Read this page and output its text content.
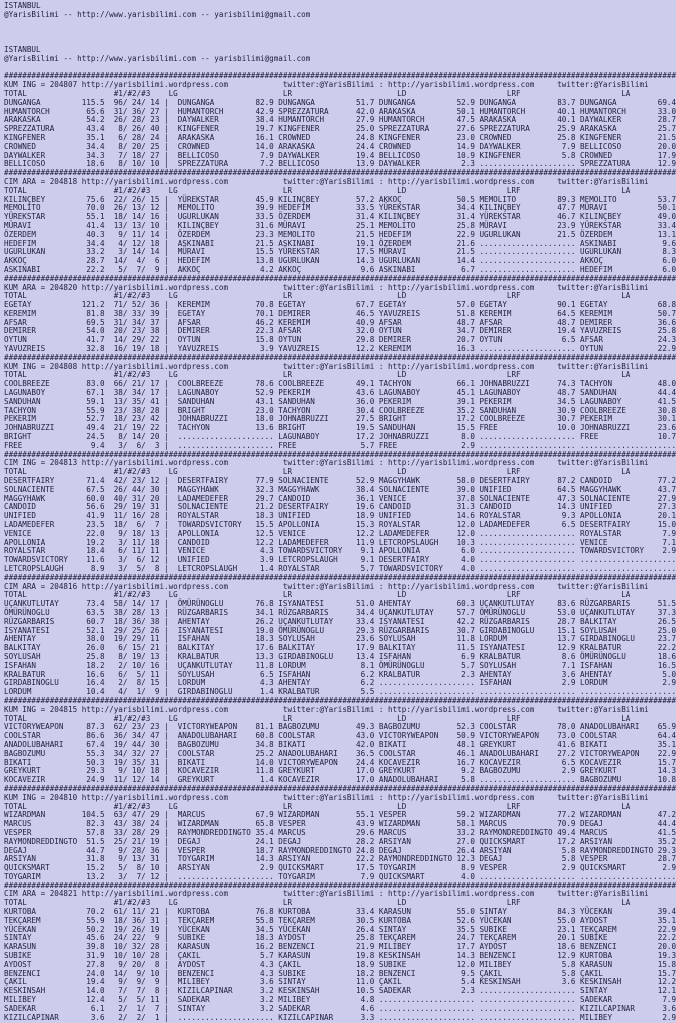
ISTANBUL
@YarisBilimi -- http://www.yarisbilimi.com -- yarisbilimi@gmail.com

ISTANBUL
@YarisBilimi -- http://www.yarisbilimi.com -- yarisbilimi@gmail.com

###################################################################################################################################################
KUM ING = 204807 http://yarisbilimi.wordpress.com            twitter:@YarisBilimi : http://yarisbilimi.wordpress.com     twitter:@YarisBilimi
TOTAL                   #1/#2/#3    LG                       LR                       LD                      LRF                      LA
DUNGANGA         115.5  96/ 24/ 14 |  DUNGANGA         82.9 DUNGANGA         51.7 DUNGANGA         52.9 DUNGANGA         83.7 DUNGANGA         69.4
HUMANTORCH        65.6  31/ 36/ 27 |  HUMANTORCH       42.9 SPREZZATURA      42.0 ARAKASKA         50.1 HUMANTORCH       40.1 HUMANTORCH       33.0
ARAKASKA          54.2  26/ 28/ 23 |  DAYWALKER        38.4 HUMANTORCH       27.9 HUMANTORCH       47.5 ARAKASKA         40.1 DAYWALKER        28.7
SPREZZATURA       43.4   8/ 26/ 40 |  KINGFENER        19.7 KINGFENER        25.0 SPREZZATURA      27.6 SPREZZATURA      25.9 ARAKASKA         25.7
KINGFENER         35.1   6/ 28/ 24 |  ARAKASKA         16.1 CROWNED          24.8 KINGFENER        23.0 CROWNED          25.8 KINGFENER        21.5
CROWNED           34.4   8/ 20/ 25 |  CROWNED          14.0 ARAKASKA         24.4 CROWNED          14.9 DAYWALKER         7.9 BELLICOSO        20.0
DAYWALKER         34.3   7/ 18/ 27 |  BELLICOSO         7.9 DAYWALKER        19.4 BELLICOSO        10.9 KINGFENER         5.8 CROWNED          17.9
BELLICOSO         18.6   8/ 10/ 10 |  SPREZZATURA       7.2 BELLICOSO        13.9 DAYWALKER         2.3 ..................... SPREZZATURA      12.9
###################################################################################################################################################
CIM ARA = 204818 http://yarisbilimi.wordpress.com            twitter:@YarisBilimi : http://yarisbilimi.wordpress.com     twitter:@YarisBilimi
TOTAL                   #1/#2/#3    LG                       LR                       LD                      LRF                      LA
KILINÇBEY         75.6  22/ 26/ 15 |  YÜREKSTAR        45.9 KILINÇBEY        57.2 AKKOÇ            50.5 MEMOLITO         89.3 MEMOLITO         53.7
MEMOLITO          70.0  26/ 13/ 12 |  MEMOLITO         39.9 HEDEFIM          33.5 YÜREKSTAR        34.4 KILINÇBEY        47.7 MÜRAVI           50.1
YÜREKSTAR         55.1  18/ 14/ 16 |  UGURLUKAN        33.5 ÖZERDEM          31.4 KILINÇBEY        31.4 YÜREKSTAR        46.7 KILINÇBEY        49.0
MÜRAVI            41.4  13/ 13/ 10 |  KILINÇBEY        31.6 MÜRAVI           25.1 MEMOLITO         25.8 MÜRAVI           23.9 YÜREKSTAR        33.4
ÖZERDEM           40.3   9/ 11/ 14 |  ÖZERDEM          23.3 MEMOLITO         21.5 HEDEFIM          22.9 UGURLUKAN        21.5 ÖZERDEM          13.1
HEDEFIM           34.4   4/ 12/ 18 |  ASKINABI         21.5 ASKINABI         19.1 ÖZERDEM          21.6 ..................... ASKINABI          9.6
UGURLUKAN         33.2   3/ 14/ 14 |  MÜRAVI           15.5 YÜREKSTAR        17.5 MÜRAVI           21.5 ..................... UGURLUKAN         8.3
AKKOÇ             28.7  14/  4/  6 |  HEDEFIM          13.8 UGURLUKAN        14.3 UGURLUKAN        14.4 ..................... AKKOÇ             6.0
ASKINABI          22.2   5/  7/  9 |  AKKOÇ             4.2 AKKOÇ             9.6 ASKINABI          6.7 ..................... HEDEFIM           6.0
###################################################################################################################################################
KUM ARA = 204820 http://yarisbilimi.wordpress.com            twitter:@YarisBilimi : http://yarisbilimi.wordpress.com     twitter:@YarisBilimi
TOTAL                   #1/#2/#3    LG                       LR                       LD                      LRF                      LA
EGETAY           121.2  71/ 52/ 36 |  KEREMIM          70.8 EGETAY           67.7 EGETAY           57.0 EGETAY           90.1 EGETAY           68.8
KEREMIM           81.8  38/ 33/ 39 |  EGETAY           70.1 DEMIRER          46.5 YAVUZREIS        51.8 KEREMIM          64.5 KEREMIM          50.7
AFSAR             69.5  31/ 34/ 37 |  AFSAR            46.2 KEREMIM          40.9 AFSAR            48.7 AFSAR            48.7 DEMIRER          36.6
DEMIRER           54.0  20/ 23/ 38 |  DEMIRER          22.3 AFSAR            32.0 OYTUN            34.7 DEMIRER          19.4 YAVUZREIS        25.8
OYTUN             41.7  14/ 29/ 22 |  OYTUN            15.8 OYTUN            29.8 DEMIRER          20.7 OYTUN             6.5 AFSAR            24.3
YAVUZREIS         32.8  16/ 19/ 18 |  YAVUZREIS         3.9 YAVUZREIS        12.2 KEREMIM          16.3 ..................... OYTUN            22.9
###################################################################################################################################################
KUM ING = 204808 http://yarisbilimi.wordpress.com            twitter:@YarisBilimi : http://yarisbilimi.wordpress.com     twitter:@YarisBilimi
TOTAL                   #1/#2/#3    LG                       LR                       LD                      LRF                      LA
COOLBREEZE        83.0  66/ 21/ 17 |  COOLBREEZE       78.6 COOLBREEZE       49.1 TACHYON          66.1 JOHNABRUZZI      74.3 TACHYON          48.0
LAGUNABOY         67.1  38/ 34/ 17 |  LAGUNABOY        52.9 PEKERIM          43.6 LAGUNABOY        45.1 LAGUNABOY        48.7 SANDUHAN         44.4
SANDUHAN          59.1  13/ 35/ 41 |  SANDUHAN         43.1 SANDUHAN         36.0 PEKERIM          39.1 PEKERIM          34.5 LAGUNABOY        41.5
TACHYON           55.9  23/ 38/ 28 |  BRIGHT           23.0 TACHYON          30.4 COOLBREEZE       35.2 SANDUHAN         30.9 COOLBREEZE       30.8
PEKERIM           52.7  18/ 23/ 42 |  JOHNABRUZZI      18.0 JOHNABRUZZI      27.5 BRIGHT           17.2 COOLBREEZE       30.7 PEKERIM          30.1
JOHNABRUZZI       49.4  21/ 19/ 22 |  TACHYON          13.6 BRIGHT           19.5 SANDUHAN         15.5 FREE             10.0 JOHNABRUZZI      23.6
BRIGHT            24.5   8/ 14/ 20 |  ..................... LAGUNABOY        17.2 JOHNABRUZZI       8.0 ..................... FREE             10.7
FREE               9.4   3/  6/  3 |  ..................... FREE              5.7 FREE              2.9 ..................... .....................
###################################################################################################################################################
CIM ING = 204813 http://yarisbilimi.wordpress.com            twitter:@YarisBilimi : http://yarisbilimi.wordpress.com     twitter:@YarisBilimi
TOTAL                   #1/#2/#3    LG                       LR                       LD                      LRF                      LA
DESERTFAIRY       71.4  42/ 23/ 12 |  DESERTFAIRY      77.9 SOLNACIENTE      52.9 MAGGYHAWK        58.0 DESERTFAIRY      87.2 CANDOID          77.2
SOLNACIENTE       67.5  26/ 44/ 30 |  MAGGYHAWK        32.3 MAGGYHAWK        38.4 SOLNACIENTE      39.0 UNIFIED          64.5 MAGGYHAWK        43.7
MAGGYHAWK         60.0  40/ 31/ 20 |  LADAMEDEFER      29.7 CANDOID          36.1 VENICE           37.8 SOLNACIENTE      47.3 SOLNACIENTE      27.9
CANDOID           56.6  29/ 19/ 31 |  SOLNACIENTE      21.2 DESERTFAIRY      19.6 CANDOID          31.3 CANDOID          14.3 UNIFIED          27.3
UNIFIED           41.9  11/ 16/ 28 |  ROYALSTAR        18.3 UNIFIED          18.9 UNIFIED          14.6 ROYALSTAR         9.3 APOLLONIA        20.1
LADAMEDEFER       23.5  18/  6/  7 |  TOWARDSVICTORY   15.5 APOLLONIA        15.3 ROYALSTAR        12.0 LADAMEDEFER       6.5 DESERTFAIRY      15.0
VENICE            22.0   9/ 18/ 13 |  APOLLONIA        12.5 VENICE           12.2 LADAMEDEFER      12.0 ..................... ROYALSTAR         7.9
APOLLONIA         19.2   3/ 11/ 18 |  CANDOID          12.2 LADAMEDEFER      11.9 LETCROPSLAUGH    10.3 ..................... VENICE            7.1
ROYALSTAR         18.4   6/ 11/ 11 |  VENICE            4.3 TOWARDSVICTORY    9.1 APOLLONIA         6.0 ..................... TOWARDSVICTORY    2.9
TOWARDSVICTORY    11.6   3/  6/ 12 |  UNIFIED           3.9 LETCROPSLAUGH     9.1 DESERTFAIRY       4.0 ..................... .....................
LETCROPSLAUGH      8.9   3/  5/  8 |  LETCROPSLAUGH     1.4 ROYALSTAR         5.7 TOWARDSVICTORY    4.0 ..................... .....................
###################################################################################################################################################
CIM ARA = 204816 http://yarisbilimi.wordpress.com            twitter:@YarisBilimi : http://yarisbilimi.wordpress.com     twitter:@YarisBilimi
TOTAL                   #1/#2/#3    LG                       LR                       LD                      LRF                      LA
UÇANKUTLUTAY      73.4  58/ 14/ 17 |  ÖMÜRÜNOGLU       76.8 ISYANATESI       51.0 AHENTAY          60.3 UÇANKUTLUTAY     83.6 RÜZGARBARIS      51.5
ÖMÜRÜNOGLU        63.5  38/ 28/ 13 |  RÜZGARBARIS      34.1 RÜZGARBARIS      34.4 UÇANKUTLUTAY     57.7 ÖMÜRÜNOGLU       53.0 UÇANKUTLUTAY     37.3
RÜZGARBARIS       60.7  18/ 36/ 38 |  AHENTAY          26.2 UÇANKUTLUTAY     33.4 ISYANATESI       42.2 RÜZGARBARIS      28.7 BALKITAY         26.5
ISYANATESI        52.1  29/ 25/ 26 |  ISYANATESI       19.0 ÖMÜRÜNOGLU       29.3 RÜZGARBARIS      30.7 GIRDABINOGLU     15.1 SOYLUSAH         25.0
AHENTAY           38.0  19/ 29/ 11 |  ISFAHAN          18.3 SOYLUSAH         23.6 SOYLUSAH         11.8 LORDUM           13.7 GIRDABINOGLU     23.7
BALKITAY          26.0   6/ 15/ 21 |  BALKITAY         17.6 BALKITAY         17.9 BALKITAY         11.5 ISYANATESI       12.9 KRALBATUR        22.2
SOYLUSAH          25.8   8/ 19/ 13 |  KRALBATUR        13.3 GIRDABINOGLU     13.4 ISFAHAN           6.9 KRALBATUR         8.6 ÖMÜRÜNOGLU       18.6
ISFAHAN           18.2   2/ 10/ 16 |  UÇANKUTLUTAY     11.8 LORDUM            8.1 ÖMÜRÜNOGLU        5.7 SOYLUSAH          7.1 ISFAHAN          16.5
KRALBATUR         16.6   6/  5/ 11 |  SOYLUSAH          6.5 ISFAHAN           6.2 KRALBATUR         2.3 AHENTAY           3.6 AHENTAY           5.0
GIRDABINOGLU      16.4   2/  8/ 15 |  LORDUM            4.3 AHENTAY           6.2 ..................... ISFAHAN           2.9 LORDUM            2.9
LORDUM            10.4   4/  1/  9 |  GIRDABINOGLU      1.4 KRALBATUR         5.5 ..................... ..................... .....................
###################################################################################################################################################
KUM ING = 204815 http://yarisbilimi.wordpress.com            twitter:@YarisBilimi : http://yarisbilimi.wordpress.com     twitter:@YarisBilimi
TOTAL                   #1/#2/#3    LG                       LR                       LD                      LRF                      LA
VICTORYWEAPON     87.3  62/ 23/ 23 |  VICTORYWEAPON    81.1 BAGBOZUMU        49.3 BAGBOZUMU        52.3 COOLSTAR         78.0 ANADOLUBAHARI    65.9
COOLSTAR          86.6  36/ 34/ 47 |  ANADOLUBAHARI    60.8 COOLSTAR         43.0 VICTORYWEAPON    50.9 VICTORYWEAPON    73.0 COOLSTAR         64.4
ANADOLUBAHARI     67.4  19/ 44/ 30 |  BAGBOZUMU        34.8 BIKATI           42.0 BIKATI           48.1 GREYKURT         41.6 BIKATI           35.1
BAGBOZUMU         55.3  34/ 32/ 27 |  COOLSTAR         25.2 ANADOLUBAHARI    36.5 COOLSTAR         46.1 ANADOLUBAHARI    27.2 VICTORYWEAPON    22.9
BIKATI            50.3  19/ 35/ 31 |  BIKATI           14.0 VICTORYWEAPON    24.4 KOCAVEZIR        16.7 KOCAVEZIR         6.5 KOCAVEZIR        15.7
GREYKURT          29.3   9/ 10/ 18 |  KOCAVEZIR        11.8 GREYKURT         17.0 GREYKURT          9.2 BAGBOZUMU         2.9 GREYKURT         14.3
KOCAVEZIR         24.9  11/ 12/ 14 |  GREYKURT          1.4 KOCAVEZIR        17.0 ANADOLUBAHARI     5.8 ..................... BAGBOZUMU        10.8
###################################################################################################################################################
KUM ING = 204810 http://yarisbilimi.wordpress.com            twitter:@YarisBilimi : http://yarisbilimi.wordpress.com     twitter:@YarisBilimi
TOTAL                   #1/#2/#3    LG                       LR                       LD                      LRF                      LA
WIZARDMAN        104.5  63/ 47/ 29 |  MARCUS           67.9 WIZARDMAN        55.1 VESPER           59.2 WIZARDMAN        77.2 WIZARDMAN        47.2
MARCUS            82.3  43/ 38/ 24 |  WIZARDMAN        65.8 VESPER           43.9 WIZARDMAN        58.1 MARCUS           70.9 DEGAJ            44.4
VESPER            57.8  33/ 28/ 29 |  RAYMONDREDDINGTO 35.4 MARCUS           29.6 MARCUS           33.2 RAYMONDREDDINGTO 49.4 MARCUS           41.5
RAYMONDREDDINGTO  51.5  25/ 21/ 19 |  DEGAJ            24.1 DEGAJ            28.2 ARSIYAN          27.0 QUICKSMART       17.2 ARSIYAN          35.2
DEGAJ             44.7   9/ 28/ 36 |  VESPER           18.7 RAYMONDREDDINGTO 24.8 DEGAJ            26.4 ARSIYAN           5.8 RAYMONDREDDINGTO 29.3
ARSIYAN           31.8   9/ 13/ 31 |  TOYGARIM         14.3 ARSIYAN          22.2 RAYMONDREDDINGTO 12.3 DEGAJ             5.8 VESPER           28.7
QUICKSMART        15.2   5/  8/ 10 |  ARSIYAN           2.9 QUICKSMART       17.5 TOYGARIM          8.9 VESPER            2.9 QUICKSMART        2.9
TOYGARIM          13.2   3/  7/ 12 |  ..................... TOYGARIM          7.9 QUICKSMART        4.0 ..................... .....................
###################################################################################################################################################
CIM ARA = 204821 http://yarisbilimi.wordpress.com            twitter:@YarisBilimi : http://yarisbilimi.wordpress.com     twitter:@YarisBilimi
TOTAL                   #1/#2/#3    LG                       LR                       LD                      LRF                      LA
KURTOBA           70.2  61/ 11/ 21 |  KURTOBA          76.8 KURTOBA          33.4 KARASUN          55.0 SINTAY           84.3 YÜCEKAN          39.4
TEKÇAREM          55.9  18/ 36/ 31 |  TEKÇAREM         55.8 TEKÇAREM         30.5 KURTOBA          52.6 YÜCEKAN          55.0 AYDOST           35.1
YÜCEKAN           50.2  19/ 26/ 19 |  YÜCEKAN          34.5 YÜCEKAN          26.4 SINTAY           35.5 SUBIKE           23.1 TEKÇAREM         22.9
SINTAY            45.6  24/ 22/  9 |  SUBIKE           18.3 AYDOST           25.8 TEKÇAREM         24.7 TEKÇAREM         20.1 SUBIKE           22.2
KARASUN           39.8  10/ 32/ 28 |  KARASUN          16.2 BENZENCI         21.9 MILIBEY          17.7 AYDOST           18.6 BENZENCI         20.0
SUBIKE            31.9  10/ 10/ 28 |  ÇAKIL             5.7 KARASUN          19.8 KESKINSAH        14.3 BENZENCI         12.9 KURTOBA          19.3
AYDOST            27.8   9/ 20/  8 |  AYDOST            4.3 ÇAKIL            18.9 SUBIKE           12.0 MILIBEY           5.8 KARASUN          15.8
BENZENCI          24.0  14/  9/ 10 |  BENZENCI          4.3 SUBIKE           18.2 BENZENCI          9.5 ÇAKIL             5.8 ÇAKIL            15.7
ÇAKIL             19.4   9/  9/  9 |  MILIBEY           3.6 SINTAY           11.0 ÇAKIL             5.4 KESKINSAH         3.6 KESKINSAH        12.2
KESKINSAH         14.0   7/  7/  8 |  KIZILCAPINAR      3.2 KESKINSAH        10.5 SADEKAR           2.3 ..................... SINTAY           12.1
MILIBEY           12.4   5/  5/ 11 |  SADEKAR           3.2 MILIBEY           4.8 ..................... ..................... SADEKAR           7.9
SADEKAR            6.1   2/  1/  7 |  SINTAY            3.2 SADEKAR           4.6 ..................... ..................... KIZILCAPINAR      3.6
KIZILCAPINAR       3.6   2/  2/  1 |  ..................... KIZILCAPINAR      3.3 ..................... ..................... MILIBEY           2.9
